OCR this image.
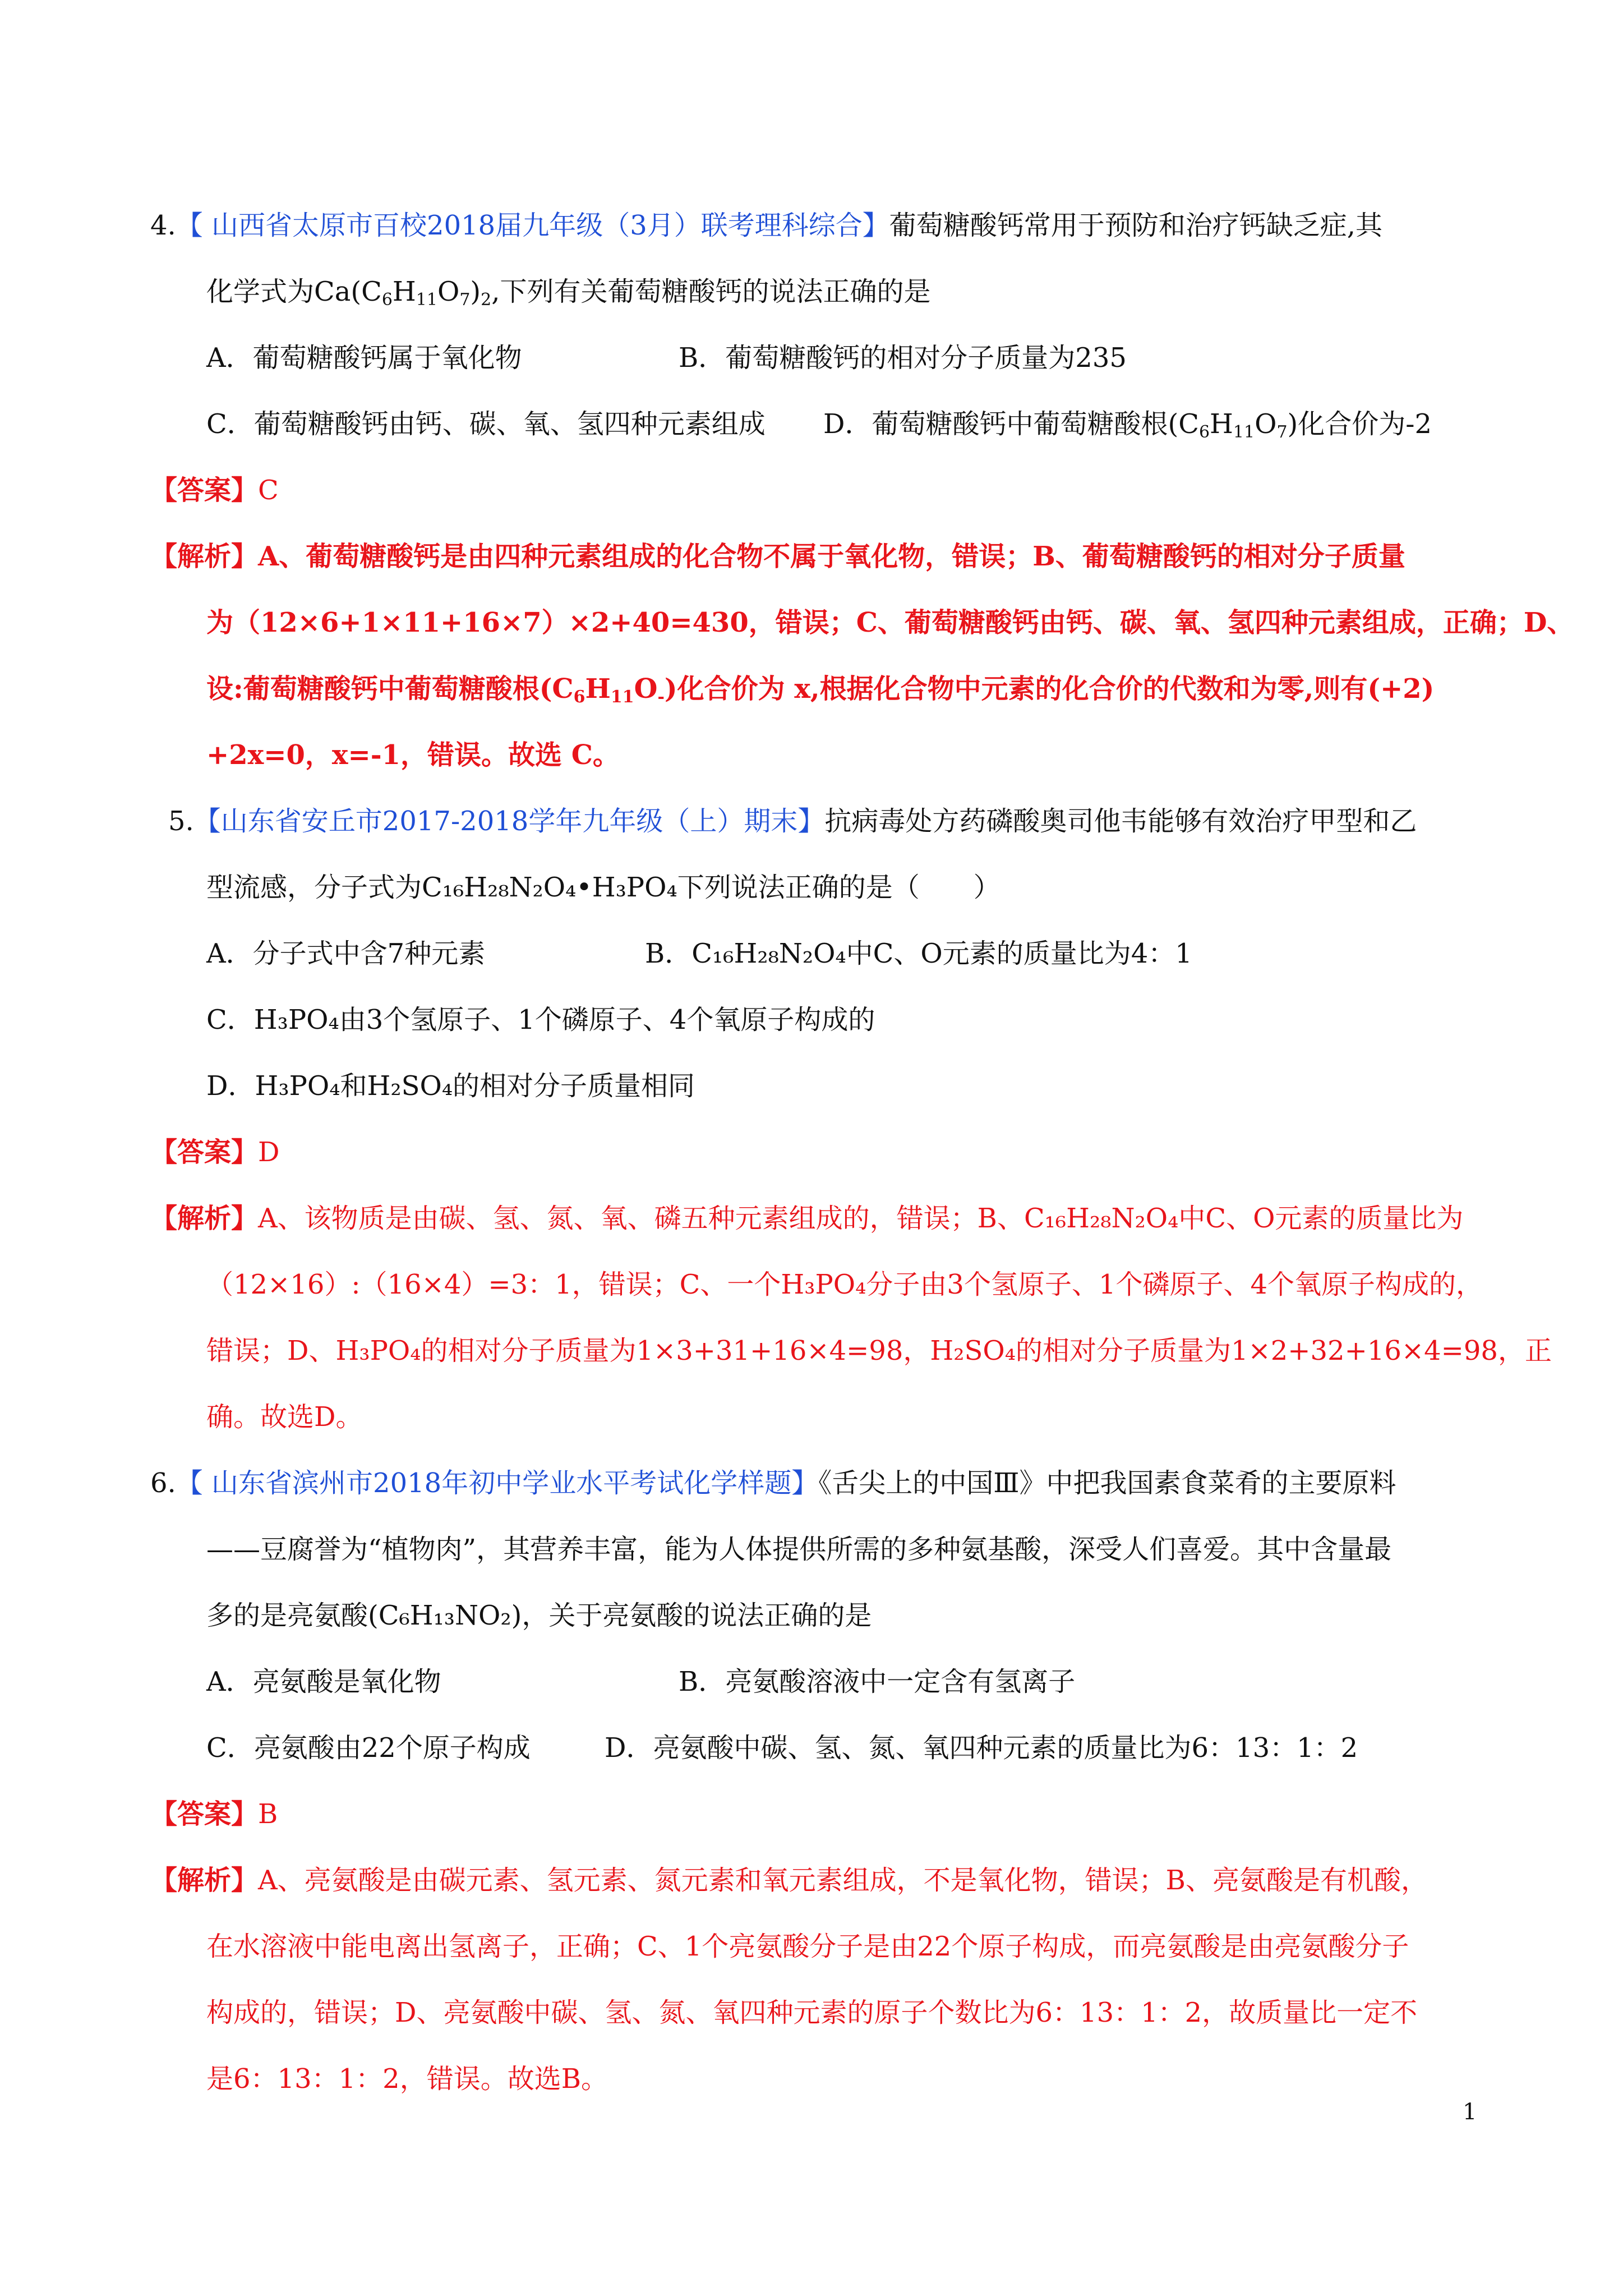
4.【 山西省太原市百校2018届九年级（3月）联考理科综合】葡萄糖酸钙常用于预防和治疗钙缺乏症,其
化学式为$Ca(C_6H_{11}O_7)_2$,下列有关葡萄糖酸钙的说法正确的是
A．葡萄糖酸钙属于氧化物	B．葡萄糖酸钙的相对分子质量为235
C．葡萄糖酸钙由钙、碳、氧、氢四种元素组成 D．葡萄糖酸钙中葡萄糖酸根$(C_6H_{11}O_7)$化合价为-2
【答案】C
【解析】A、葡萄糖酸钙是由四种元素组成的化合物不属于氧化物，错误；B、葡萄糖酸钙的相对分子质量
为（12×6+1×11+16×7）×2+40=430，错误；C、葡萄糖酸钙由钙、碳、氧、氢四种元素组成，正确；D、
设:葡萄糖酸钙中葡萄糖酸根$(C_6H_{11}O_-)$化合价为 x,根据化合物中元素的化合价的代数和为零,则有(+2)
+2x=0，x=-1，错误。故选 C。
5.【山东省安丘市2017-2018学年九年级（上）期末】抗病毒处方药磷酸奥司他韦能够有效治疗甲型和乙
型流感，分子式为C₁₆H₂₈N₂O₄•H₃PO₄下列说法正确的是（　　）
A．分子式中含7种元素	B．C₁₆H₂₈N₂O₄中C、O元素的质量比为4：1
C．H₃PO₄由3个氢原子、1个磷原子、4个氧原子构成的
D．H₃PO₄和H₂SO₄的相对分子质量相同
【答案】D
【解析】A、该物质是由碳、氢、氮、氧、磷五种元素组成的，错误；B、C₁₆H₂₈N₂O₄中C、O元素的质量比为
（12×16）:（16×4）=3：1，错误；C、一个H₃PO₄分子由3个氢原子、1个磷原子、4个氧原子构成的，
错误；D、H₃PO₄的相对分子质量为1×3+31+16×4=98，H₂SO₄的相对分子质量为1×2+32+16×4=98，正
确。故选D。
6.【 山东省滨州市2018年初中学业水平考试化学样题】《舌尖上的中国Ⅲ》中把我国素食菜肴的主要原料
——豆腐誉为“植物肉”，其营养丰富，能为人体提供所需的多种氨基酸，深受人们喜爱。其中含量最
多的是亮氨酸(C₆H₁₃NO₂)，关于亮氨酸的说法正确的是
A．亮氨酸是氧化物	B．亮氨酸溶液中一定含有氢离子
C．亮氨酸由22个原子构成	D．亮氨酸中碳、氢、氮、氧四种元素的质量比为6：13：1：2
【答案】B
【解析】A、亮氨酸是由碳元素、氢元素、氮元素和氧元素组成，不是氧化物，错误；B、亮氨酸是有机酸，
在水溶液中能电离出氢离子，正确；C、1个亮氨酸分子是由22个原子构成，而亮氨酸是由亮氨酸分子
构成的，错误；D、亮氨酸中碳、氢、氮、氧四种元素的原子个数比为6：13：1：2，故质量比一定不
是6：13：1：2，错误。故选B。
1
